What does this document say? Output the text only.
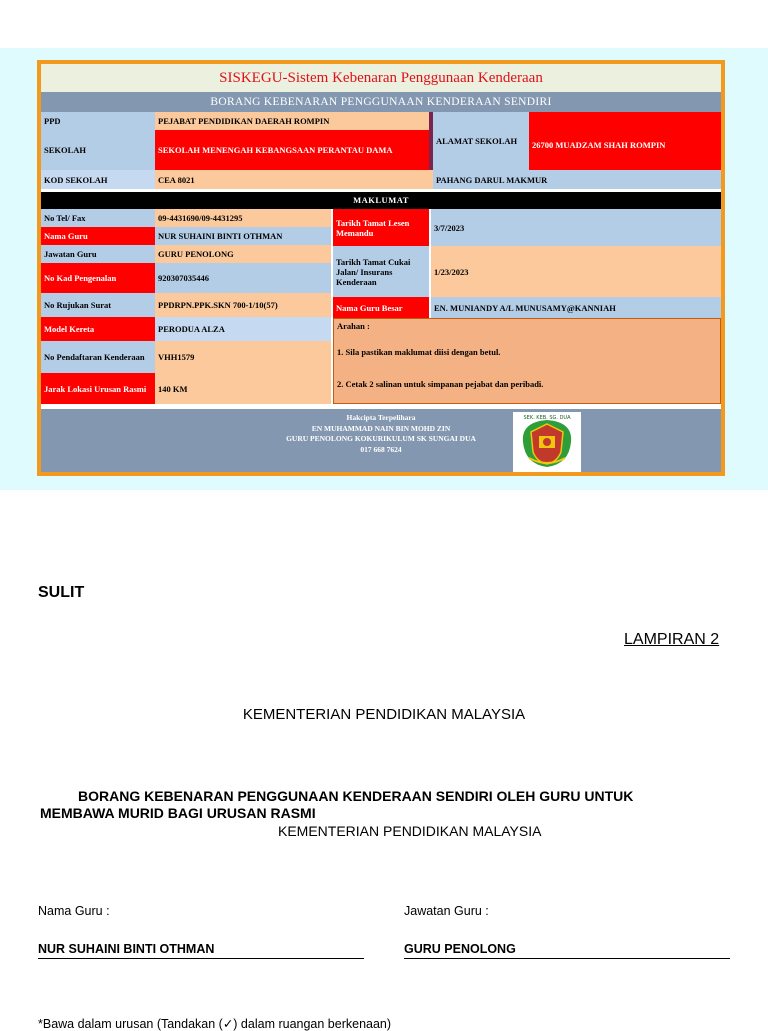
SISKEGU-Sistem Kebenaran Penggunaan Kenderaan
BORANG KEBENARAN PENGGUNAAN KENDERAAN SENDIRI
PPD	PEJABAT PENDIDIKAN DAERAH ROMPIN
SEKOLAH	SEKOLAH MENENGAH KEBANGSAAN PERANTAU DAMA
ALAMAT SEKOLAH	26700 MUADZAM SHAH ROMPIN
KOD SEKOLAH	CEA 8021	PAHANG DARUL MAKMUR
MAKLUMAT
No Tel/ Fax	09-4431690/09-4431295
Nama Guru	NUR SUHAINI BINTI OTHMAN
Jawatan Guru	GURU PENOLONG
No Kad Pengenalan	920307035446
No Rujukan Surat	PPDRPN.PPK.SKN 700-1/10(57)
Model Kereta	PERODUA ALZA
No Pendaftaran Kenderaan	VHH1579
Jarak Lokasi Urusan Rasmi	140 KM
Tarikh Tamat Lesen Memandu	3/7/2023
Tarikh Tamat Cukai Jalan/ Insurans Kenderaan
1/23/2023
Nama Guru Besar	EN. MUNIANDY A/L MUNUSAMY@KANNIAH
Arahan :
1. Sila pastikan maklumat diisi dengan betul.
2. Cetak 2 salinan untuk simpanan pejabat dan peribadi.
Hakcipta Terpelihara
EN MUHAMMAD NAIN BIN MOHD ZIN
GURU PENOLONG KOKURIKULUM SK SUNGAI DUA
017 668 7624
SEK. KEB. SG. DUA
SULIT
LAMPIRAN 2
KEMENTERIAN PENDIDIKAN MALAYSIA
BORANG KEBENARAN PENGGUNAAN KENDERAAN SENDIRI OLEH GURU UNTUK
MEMBAWA MURID BAGI URUSAN RASMI
KEMENTERIAN PENDIDIKAN MALAYSIA
Nama Guru :	Jawatan Guru :
NUR SUHAINI BINTI OTHMAN	GURU PENOLONG
*Bawa dalam urusan (Tandakan (✓) dalam ruangan berkenaan)
